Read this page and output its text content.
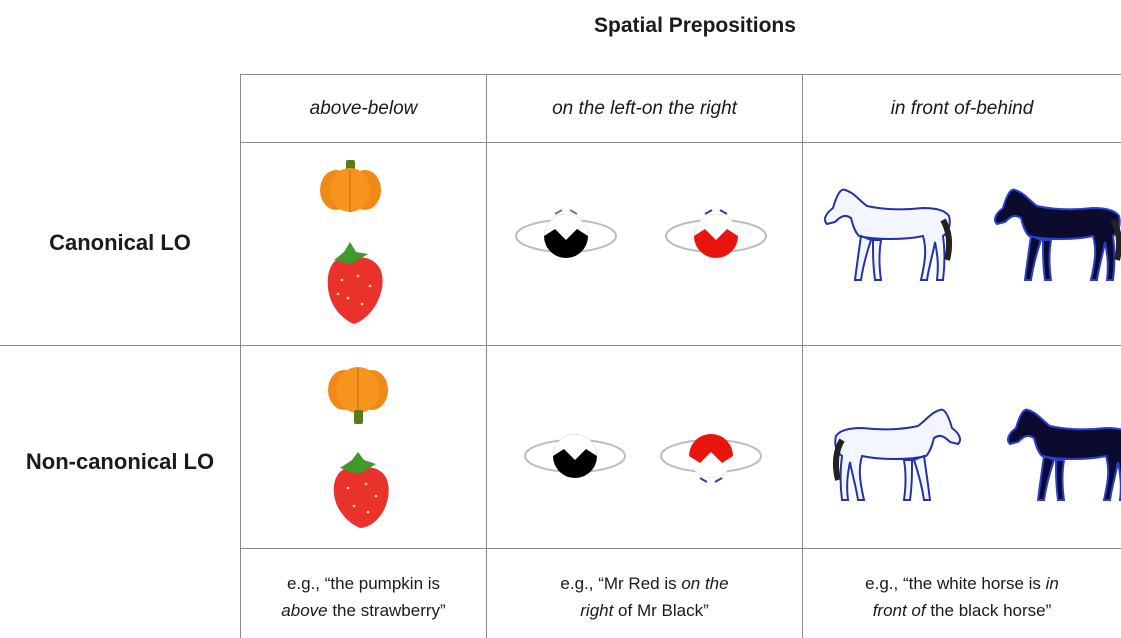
Spatial Prepositions
above-below	on the left-on the right	in front of-behind
Canonical LO
Non-canonical LO
e.g., “the pumpkin is
above the strawberry”
e.g., “Mr Red is on the
right of Mr Black”
e.g., “the white horse is in
front of the black horse”
